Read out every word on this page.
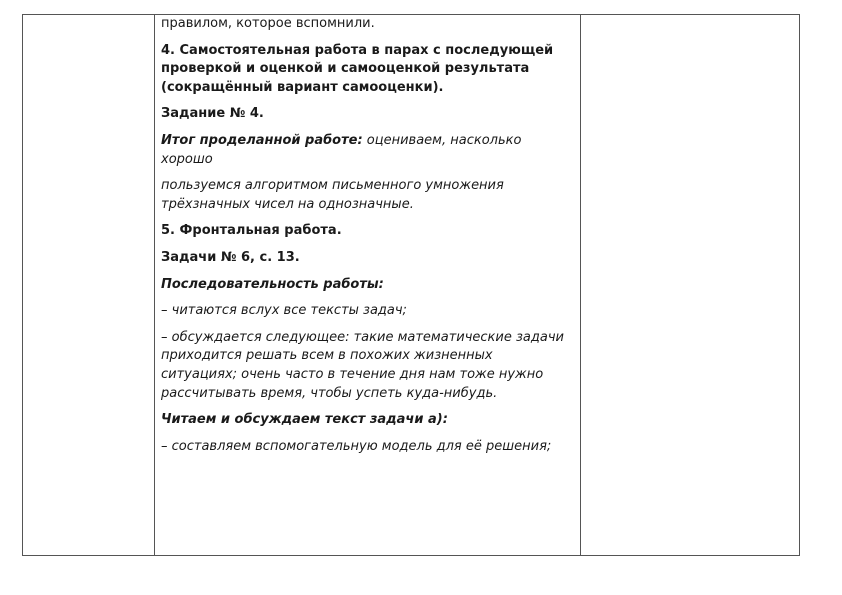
правилом, которое вспомнили.

4. Самостоятельная работа в парах с последующей проверкой и оценкой и самооценкой результата (сокращённый вариант самооценки).

Задание № 4.

Итог проделанной работе: оцениваем, насколько хорошо

пользуемся алгоритмом письменного умножения трёхзначных чисел на однозначные.

5. Фронтальная работа.

Задачи № 6, с. 13.

Последовательность работы:

– читаются вслух все тексты задач;

– обсуждается следующее: такие математические задачи приходится решать всем в похожих жизненных ситуациях; очень часто в течение дня нам тоже нужно рассчитывать время, чтобы успеть куда-нибудь.

Читаем и обсуждаем текст задачи а):

– составляем вспомогательную модель для её решения;
